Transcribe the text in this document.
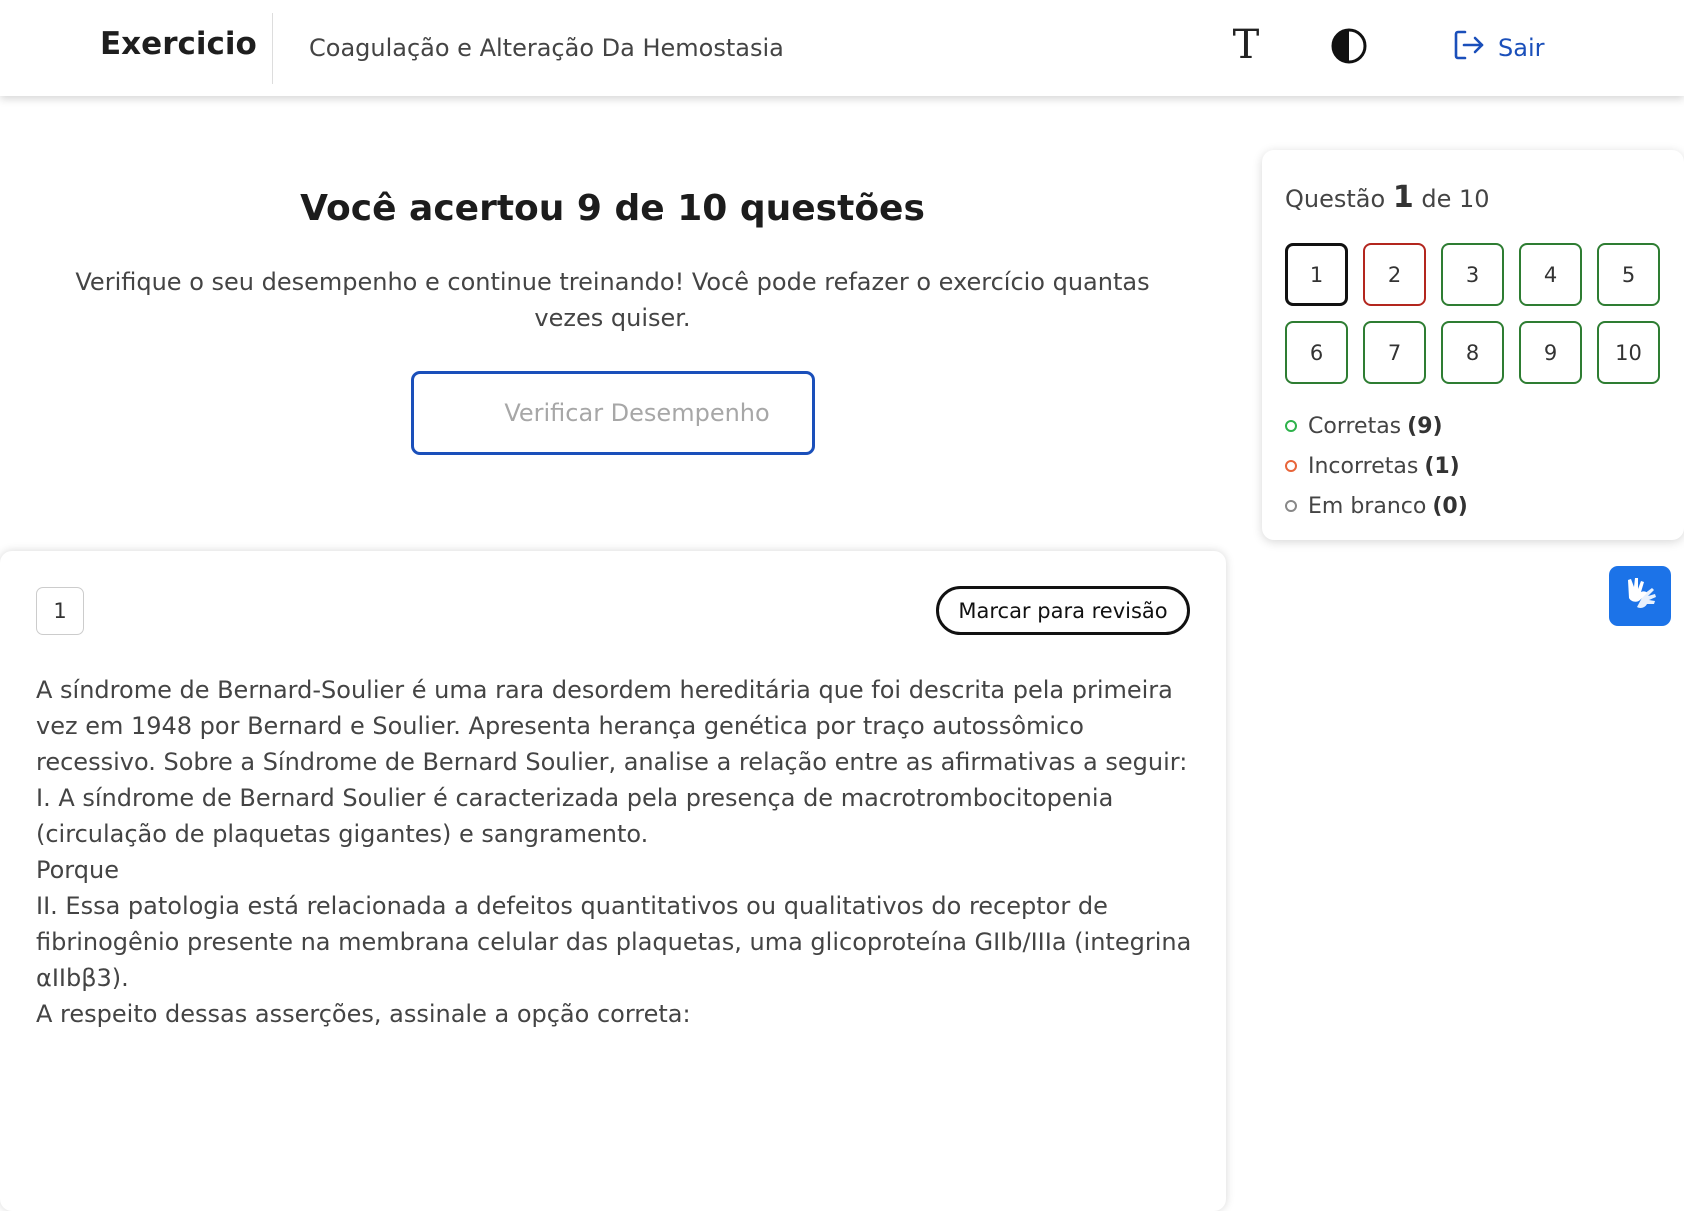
Exercicio Coagulação e Alteração Da Hemostasia	T	Sair
Você acertou 9 de 10 questões
Verifique o seu desempenho e continue treinando! Você pode refazer o exercício quantas vezes quiser.
Verificar Desempenho
Questão 1 de 10
1	2	3	4	5
6	7	8	9	10
Corretas (9)
Incorretas (1)
Em branco (0)
1	Marcar para revisão

A síndrome de Bernard-Soulier é uma rara desordem hereditária que foi descrita pela primeira vez em 1948 por Bernard e Soulier. Apresenta herança genética por traço autossômico recessivo. Sobre a Síndrome de Bernard Soulier, analise a relação entre as afirmativas a seguir:

I. A síndrome de Bernard Soulier é caracterizada pela presença de macrotrombocitopenia (circulação de plaquetas gigantes) e sangramento.

Porque

II. Essa patologia está relacionada a defeitos quantitativos ou qualitativos do receptor de fibrinogênio presente na membrana celular das plaquetas, uma glicoproteína GIIb/IIIa (integrina αIIbβ3).

A respeito dessas asserções, assinale a opção correta:
